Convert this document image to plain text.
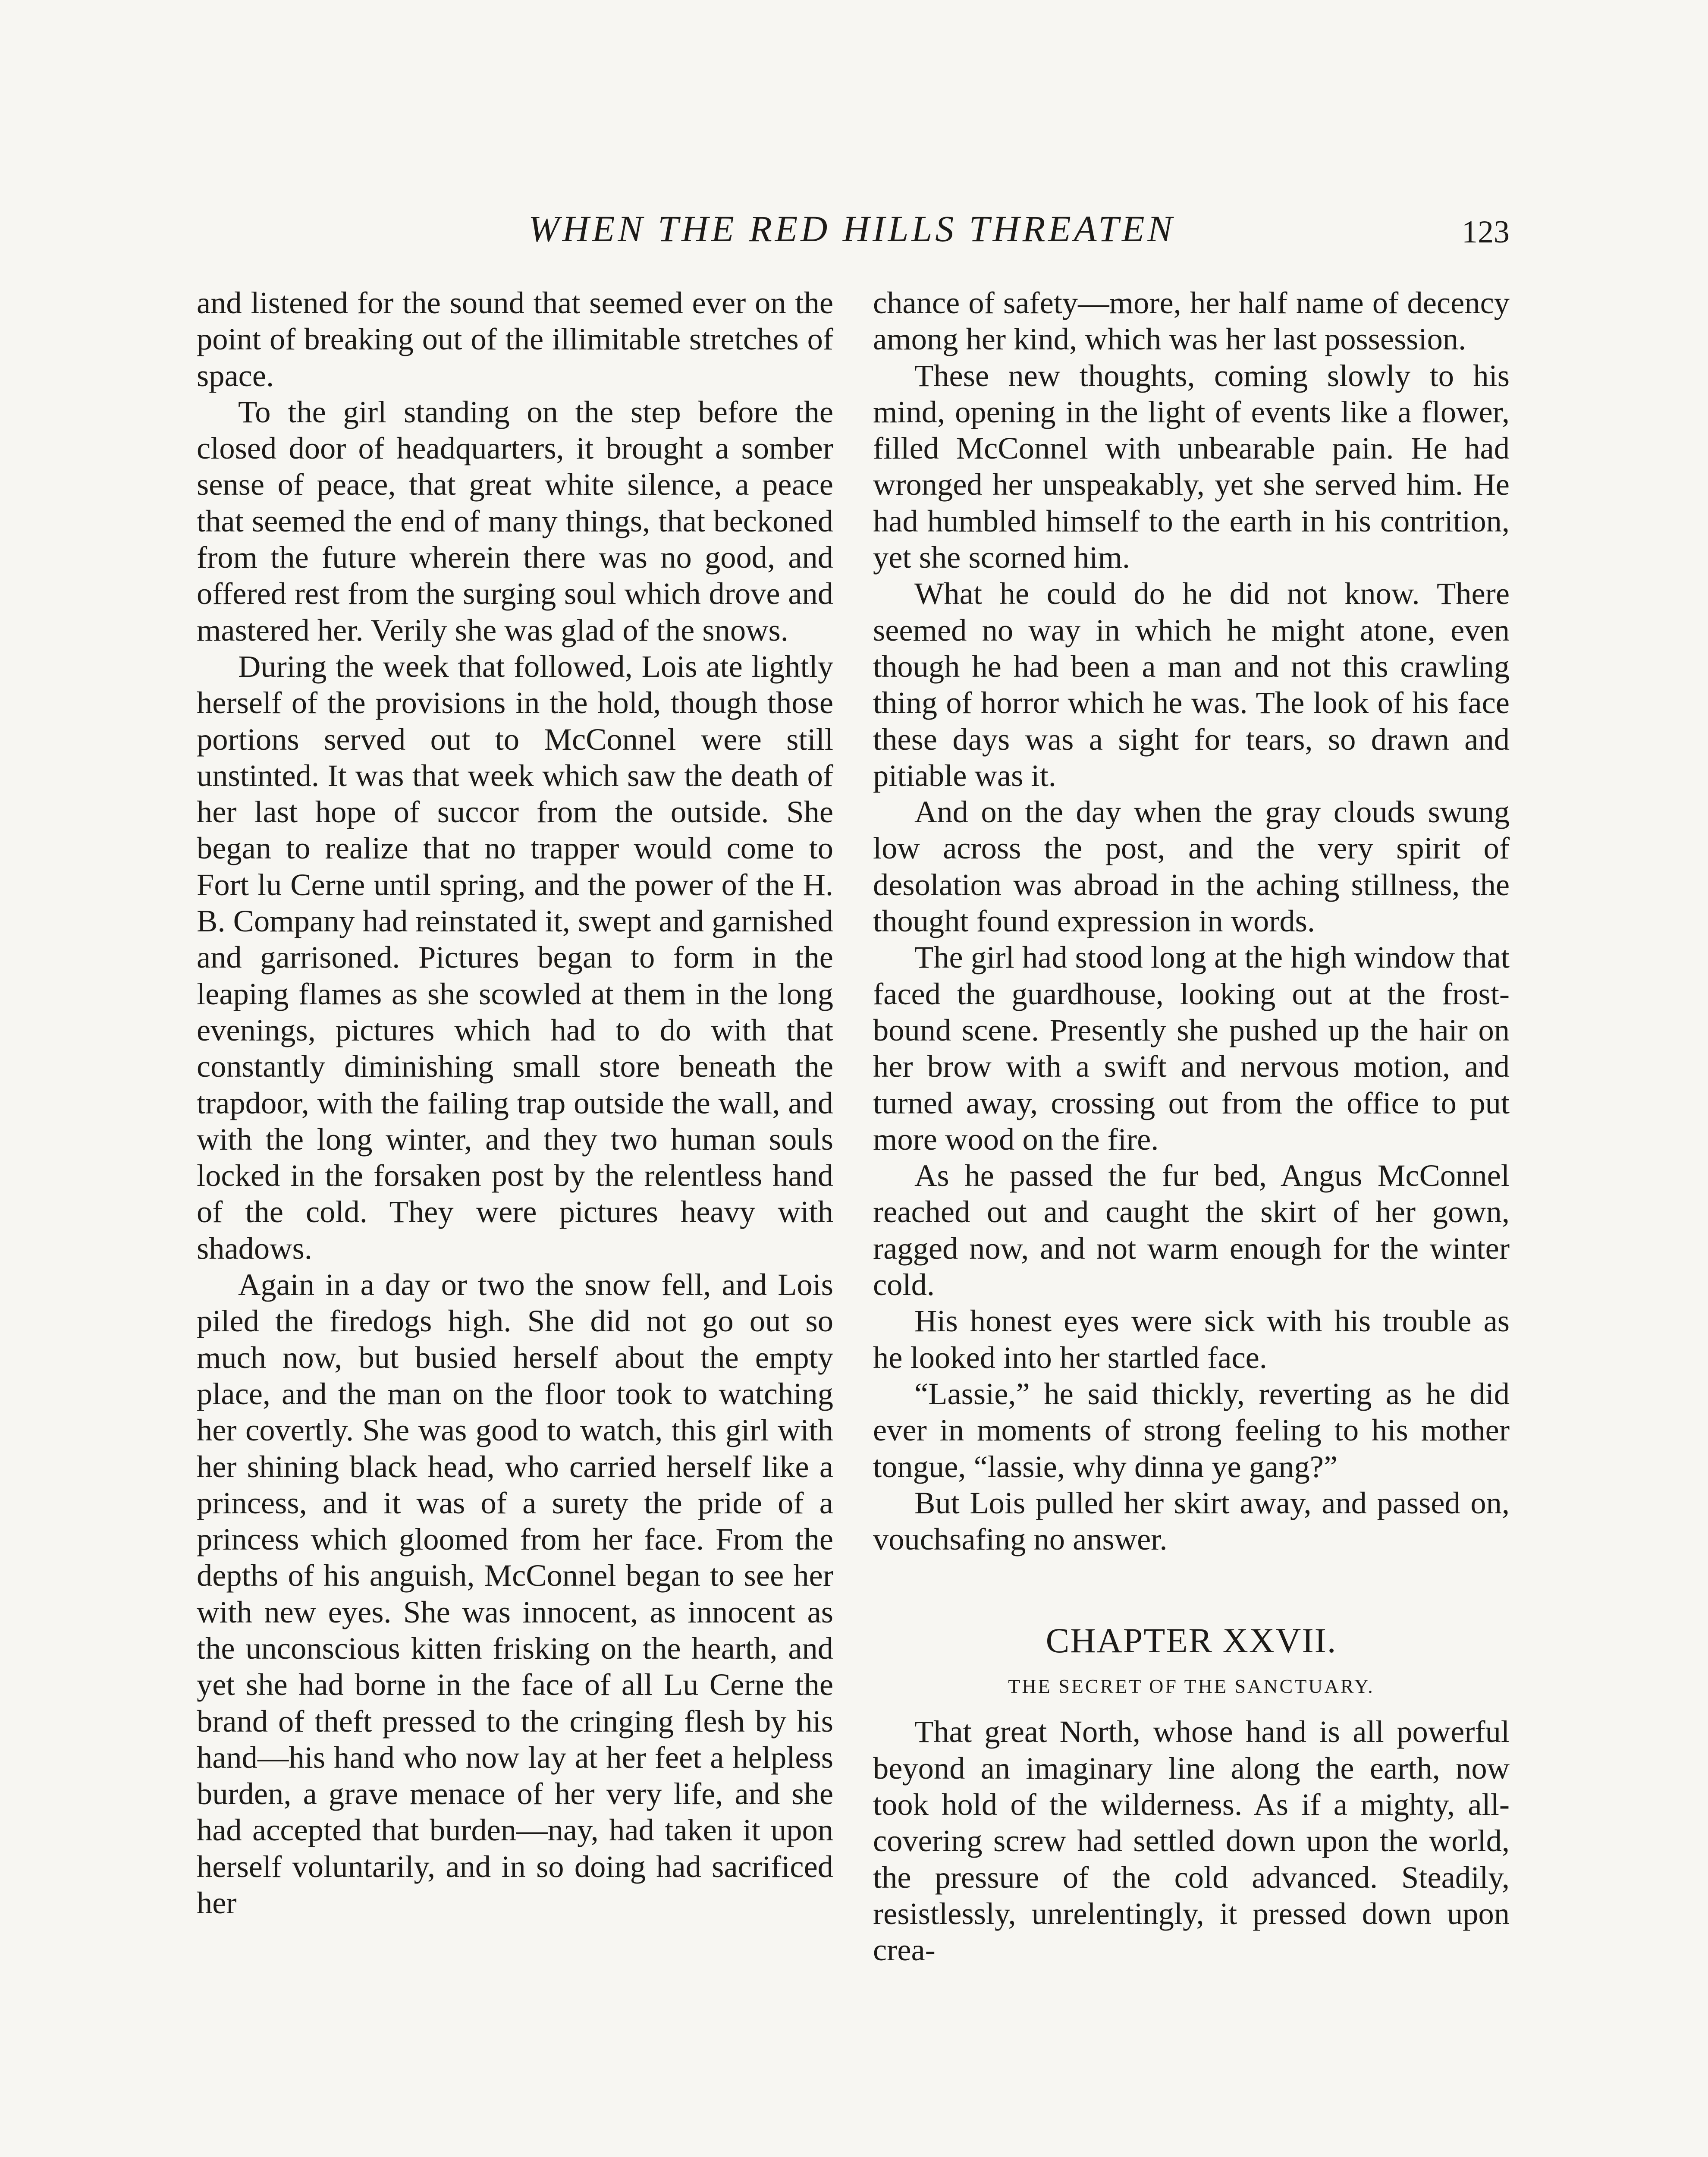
WHEN THE RED HILLS THREATEN	123

and listened for the sound that seemed ever on the point of breaking out of the illimitable stretches of space.

To the girl standing on the step before the closed door of headquarters, it brought a somber sense of peace, that great white silence, a peace that seemed the end of many things, that beckoned from the future wherein there was no good, and offered rest from the surging soul which drove and mastered her. Verily she was glad of the snows.

During the week that followed, Lois ate lightly herself of the provisions in the hold, though those portions served out to McConnel were still unstinted. It was that week which saw the death of her last hope of succor from the outside. She began to realize that no trapper would come to Fort lu Cerne until spring, and the power of the H. B. Company had reinstated it, swept and garnished and garrisoned. Pictures began to form in the leaping flames as she scowled at them in the long evenings, pictures which had to do with that constantly diminishing small store beneath the trapdoor, with the failing trap outside the wall, and with the long winter, and they two human souls locked in the forsaken post by the relentless hand of the cold. They were pictures heavy with shadows.

Again in a day or two the snow fell, and Lois piled the firedogs high. She did not go out so much now, but busied herself about the empty place, and the man on the floor took to watching her covertly. She was good to watch, this girl with her shining black head, who carried herself like a princess, and it was of a surety the pride of a princess which gloomed from her face. From the depths of his anguish, McConnel began to see her with new eyes. She was innocent, as innocent as the unconscious kitten frisking on the hearth, and yet she had borne in the face of all Lu Cerne the brand of theft pressed to the cringing flesh by his hand—his hand who now lay at her feet a helpless burden, a grave menace of her very life, and she had accepted that burden—nay, had taken it upon herself voluntarily, and in so doing had sacrificed her

chance of safety—more, her half name of decency among her kind, which was her last possession.

These new thoughts, coming slowly to his mind, opening in the light of events like a flower, filled McConnel with unbearable pain. He had wronged her unspeakably, yet she served him. He had humbled himself to the earth in his contrition, yet she scorned him.

What he could do he did not know. There seemed no way in which he might atone, even though he had been a man and not this crawling thing of horror which he was. The look of his face these days was a sight for tears, so drawn and pitiable was it.

And on the day when the gray clouds swung low across the post, and the very spirit of desolation was abroad in the aching stillness, the thought found expression in words.

The girl had stood long at the high window that faced the guardhouse, looking out at the frost-bound scene. Presently she pushed up the hair on her brow with a swift and nervous motion, and turned away, crossing out from the office to put more wood on the fire.

As he passed the fur bed, Angus McConnel reached out and caught the skirt of her gown, ragged now, and not warm enough for the winter cold.

His honest eyes were sick with his trouble as he looked into her startled face.

“Lassie,” he said thickly, reverting as he did ever in moments of strong feeling to his mother tongue, “lassie, why dinna ye gang?”

But Lois pulled her skirt away, and passed on, vouchsafing no answer.

CHAPTER XXVII.
THE SECRET OF THE SANCTUARY.

That great North, whose hand is all powerful beyond an imaginary line along the earth, now took hold of the wilderness. As if a mighty, all-covering screw had settled down upon the world, the pressure of the cold advanced. Steadily, resistlessly, unrelentingly, it pressed down upon crea-
